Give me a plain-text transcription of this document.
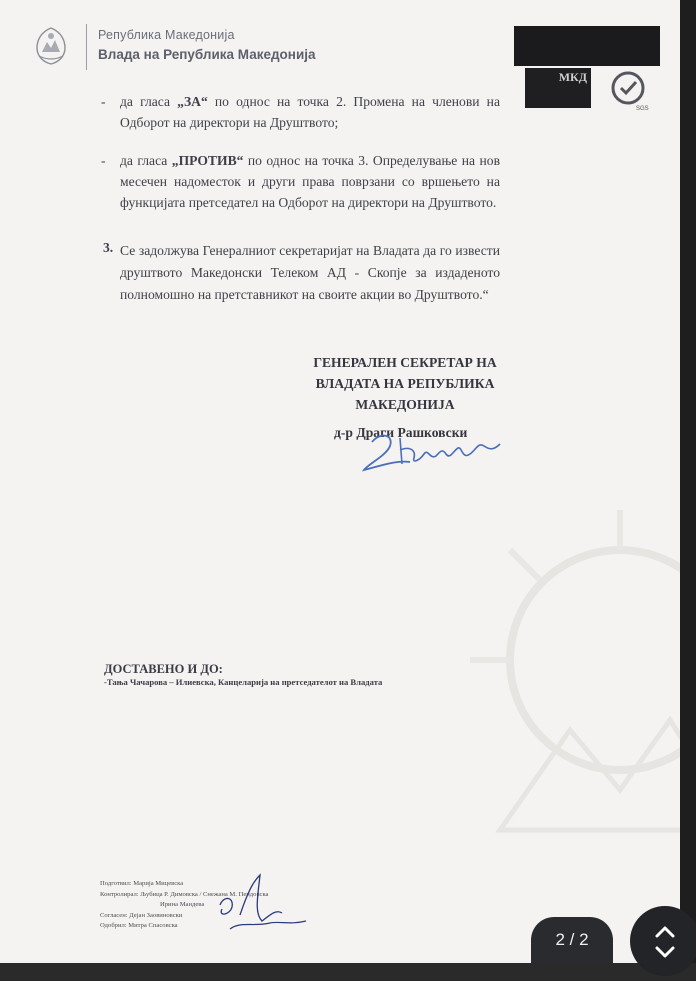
Република Македонија
Влада на Република Македонија
МКД
SGS
- да гласа „ЗА“ по однос на точка 2. Промена на членови на Одборот на директори на Друштвото;
- да гласа „ПРОТИВ“ по однос на точка 3. Определување на нов месечен надоместок и други права поврзани со вршењето на функцијата претседател на Одборот на директори на Друштвото.
3. Се задолжува Генералниот секретаријат на Владата да го извести друштвото Македонски Телеком АД - Скопје за издаденото полномошно на претставникот на своите акции во Друштвото.“
ГЕНЕРАЛЕН СЕКРЕТАР НА
ВЛАДАТА НА РЕПУБЛИКА
МАКЕДОНИЈА
д-р Драги Рашковски
ДОСТАВЕНО И ДО:
-Тања Чачарова – Илиевска, Канцеларија на претседателот на Владата
Подготвил: Марија Мицевска
Контролирал: Љубица Р. Димовска / Снежана М. Пендовска
Ирина Мандева
Согласен: Дејан Заовиновски
Одобрил: Митра Спасовска
2 / 2
